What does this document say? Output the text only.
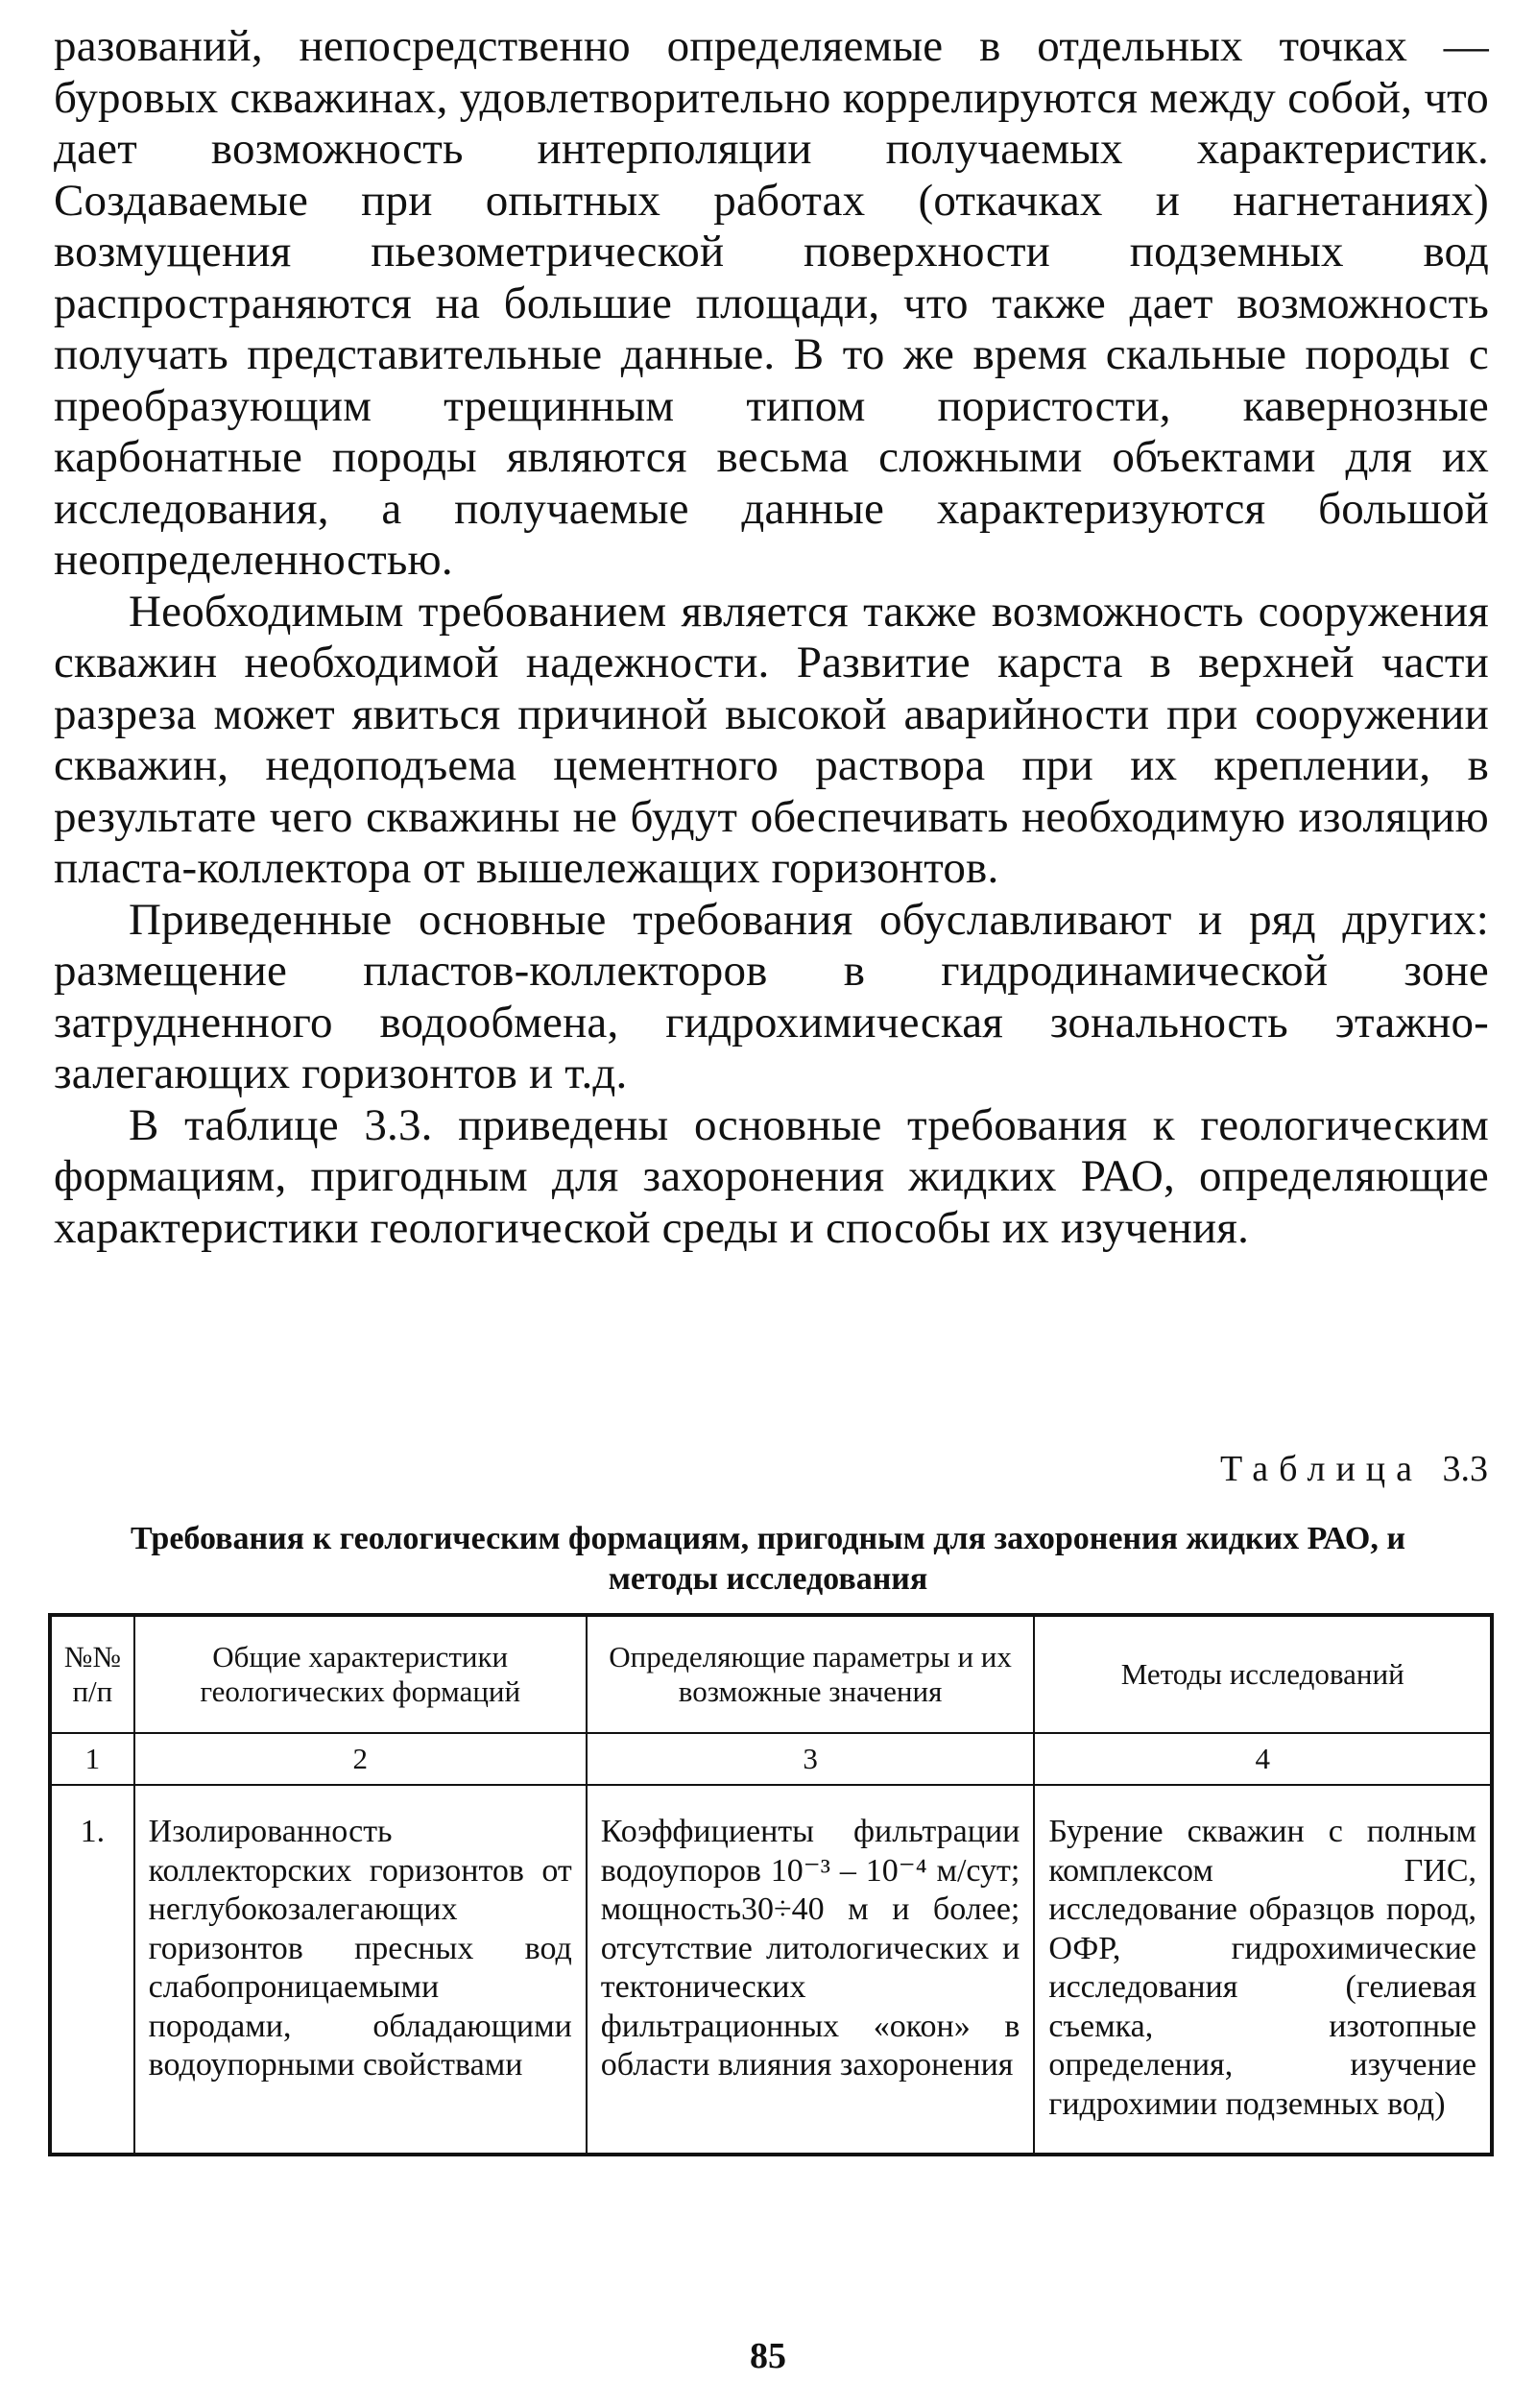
разований, непосредственно определяемые в отдельных точках — буровых скважинах, удовлетворительно коррелируются между собой, что дает возможность интерполяции получаемых характеристик. Создаваемые при опытных работах (откачках и нагнетаниях) возмущения пьезометрической поверхности подземных вод распространяются на большие площади, что также дает возможность получать представительные данные. В то же время скальные породы с преобразующим трещинным типом пористости, кавернозные карбонатные породы являются весьма сложными объектами для их исследования, а получаемые данные характеризуются большой неопределенностью.

Необходимым требованием является также возможность сооружения скважин необходимой надежности. Развитие карста в верхней части разреза может явиться причиной высокой аварийности при сооружении скважин, недоподъема цементного раствора при их креплении, в результате чего скважины не будут обеспечивать необходимую изоляцию пласта-коллектора от вышележащих горизонтов.

Приведенные основные требования обуславливают и ряд других: размещение пластов-коллекторов в гидродинамической зоне затрудненного водообмена, гидрохимическая зональность этажно-залегающих горизонтов и т.д.

В таблице 3.3. приведены основные требования к геологическим формациям, пригодным для захоронения жидких РАО, определяющие характеристики геологической среды и способы их изучения.

Таблица 3.3
Требования к геологическим формациям, пригодным для захоронения жидких РАО, и методы исследования
№№ п/п	Общие характеристики геологических формаций	Определяющие параметры и их возможные значения	Методы исследований
1	2	3	4
1.	Изолированность коллекторских горизонтов от неглубокозалегающих горизонтов пресных вод слабопроницаемыми породами, обладающими водоупорными свойствами	Коэффициенты фильтрации водоупоров 10⁻³ – 10⁻⁴ м/сут; мощность30÷40 м и более; отсутствие литологических и тектонических фильтрационных «окон» в области влияния захоронения	Бурение скважин с полным комплексом ГИС, исследование образцов пород, ОФР, гидрохимические исследования (гелиевая съемка, изотопные определения, изучение гидрохимии подземных вод)
85
